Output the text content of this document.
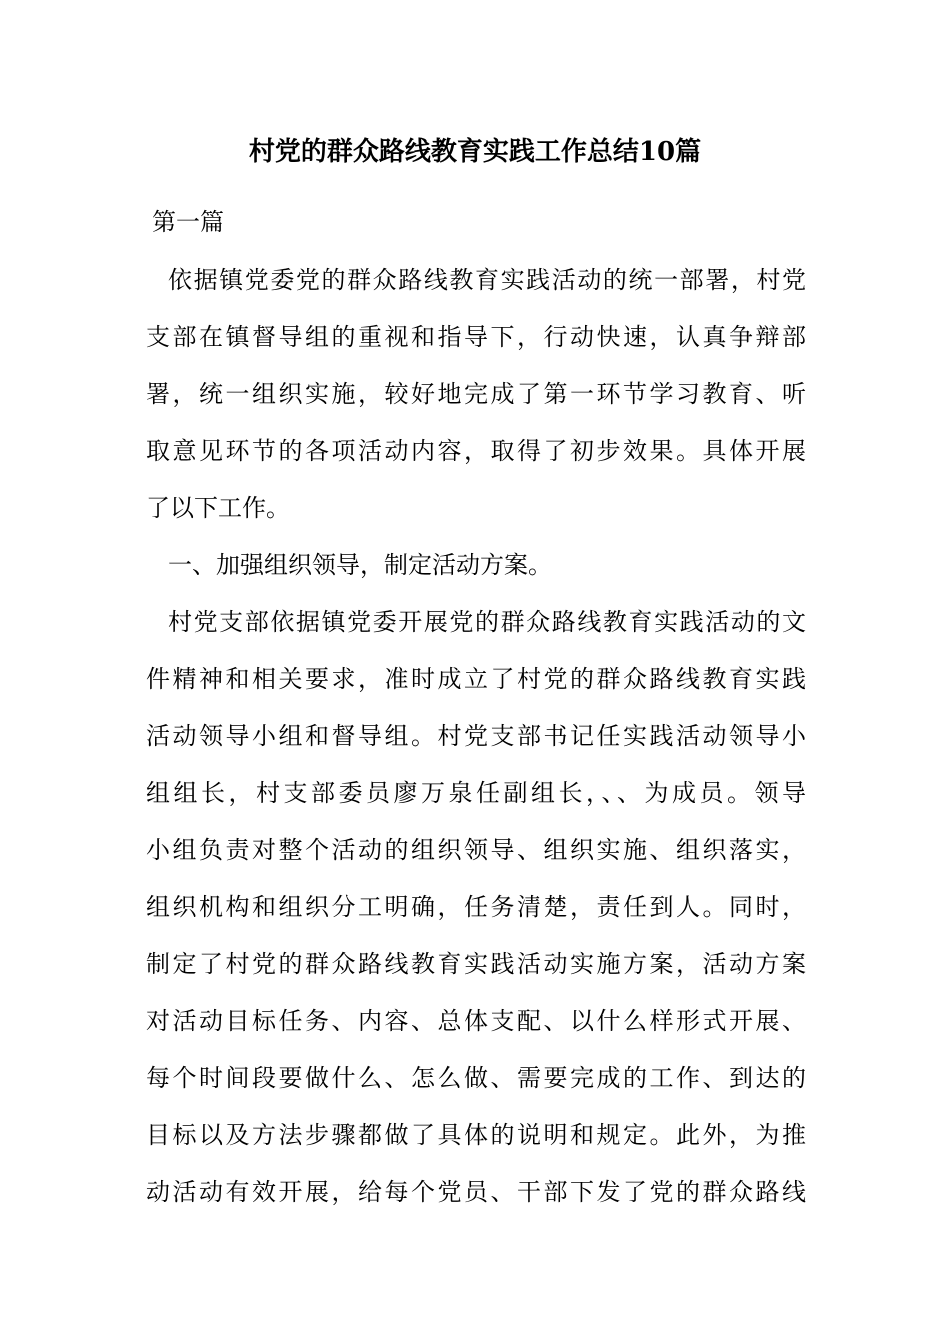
村党的群众路线教育实践工作总结10篇
第一篇
依据镇党委党的群众路线教育实践活动的统一部署，村党
支部在镇督导组的重视和指导下，行动快速，认真争辩部
署，统一组织实施，较好地完成了第一环节学习教育、听
取意见环节的各项活动内容，取得了初步效果。具体开展
了以下工作。
一、加强组织领导，制定活动方案。
村党支部依据镇党委开展党的群众路线教育实践活动的文
件精神和相关要求，准时成立了村党的群众路线教育实践
活动领导小组和督导组。村党支部书记任实践活动领导小
组组长，村支部委员廖万泉任副组长，、、为成员。领导
小组负责对整个活动的组织领导、组织实施、组织落实，
组织机构和组织分工明确，任务清楚，责任到人。同时，
制定了村党的群众路线教育实践活动实施方案，活动方案
对活动目标任务、内容、总体支配、以什么样形式开展、
每个时间段要做什么、怎么做、需要完成的工作、到达的
目标以及方法步骤都做了具体的说明和规定。此外，为推
动活动有效开展，给每个党员、干部下发了党的群众路线
